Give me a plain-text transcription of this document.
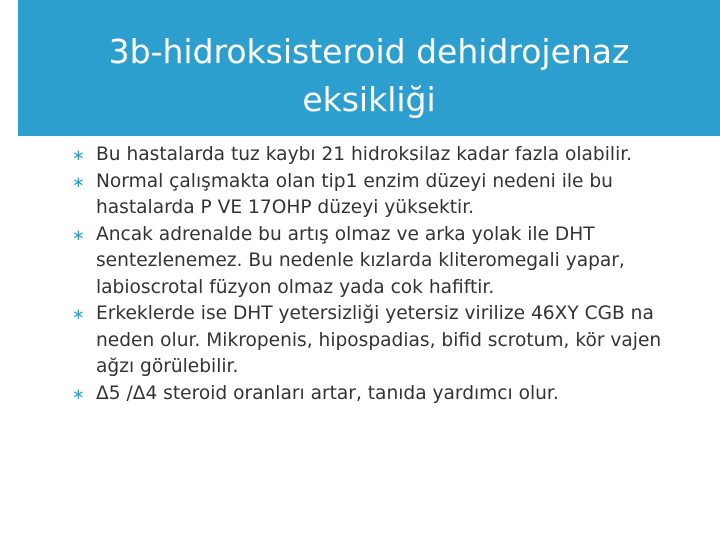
3b-hidroksisteroid dehidrojenaz
eksikliği
∗ Bu hastalarda tuz kaybı 21 hidroksilaz kadar fazla olabilir.
∗ Normal çalışmakta olan tip1 enzim düzeyi nedeni ile bu hastalarda P VE 17OHP düzeyi yüksektir.
∗ Ancak adrenalde bu artış olmaz ve arka yolak ile DHT sentezlenemez. Bu nedenle kızlarda kliteromegali yapar, labioscrotal füzyon olmaz yada cok hafiftir.
∗ Erkeklerde ise DHT yetersizliği yetersiz virilize 46XY CGB na neden olur. Mikropenis, hipospadias, bifid scrotum, kör vajen ağzı görülebilir.
∗ Δ5 /Δ4 steroid oranları artar, tanıda yardımcı olur.
